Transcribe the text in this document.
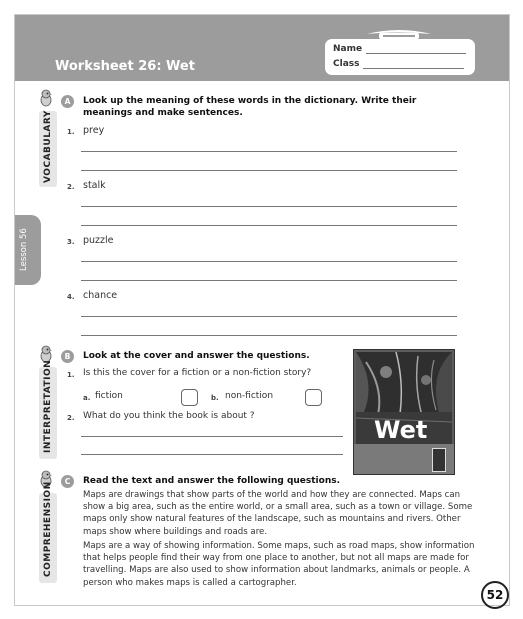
Worksheet 26: Wet
Name
Class
Lesson 56
A
VOCABULARY
Look up the meaning of these words in the dictionary. Write their meanings and make sentences.
1. prey
2. stalk
3. puzzle
4. chance
B
INTERPRETATION
Look at the cover and answer the questions.
1. Is this the cover for a fiction or a non-fiction story?
a. fiction	b. non-fiction
2. What do you think the book is about ?	Wet
C
COMPREHENSION
Read the text and answer the following questions.
Maps are drawings that show parts of the world and how they are connected. Maps can show a big area, such as the entire world, or a small area, such as a town or village. Some maps only show natural features of the landscape, such as mountains and rivers. Other maps show where buildings and roads are.
Maps are a way of showing information. Some maps, such as road maps, show information that helps people find their way from one place to another, but not all maps are made for travelling. Maps are also used to show information about landmarks, animals or people. A person who makes maps is called a cartographer.
52
